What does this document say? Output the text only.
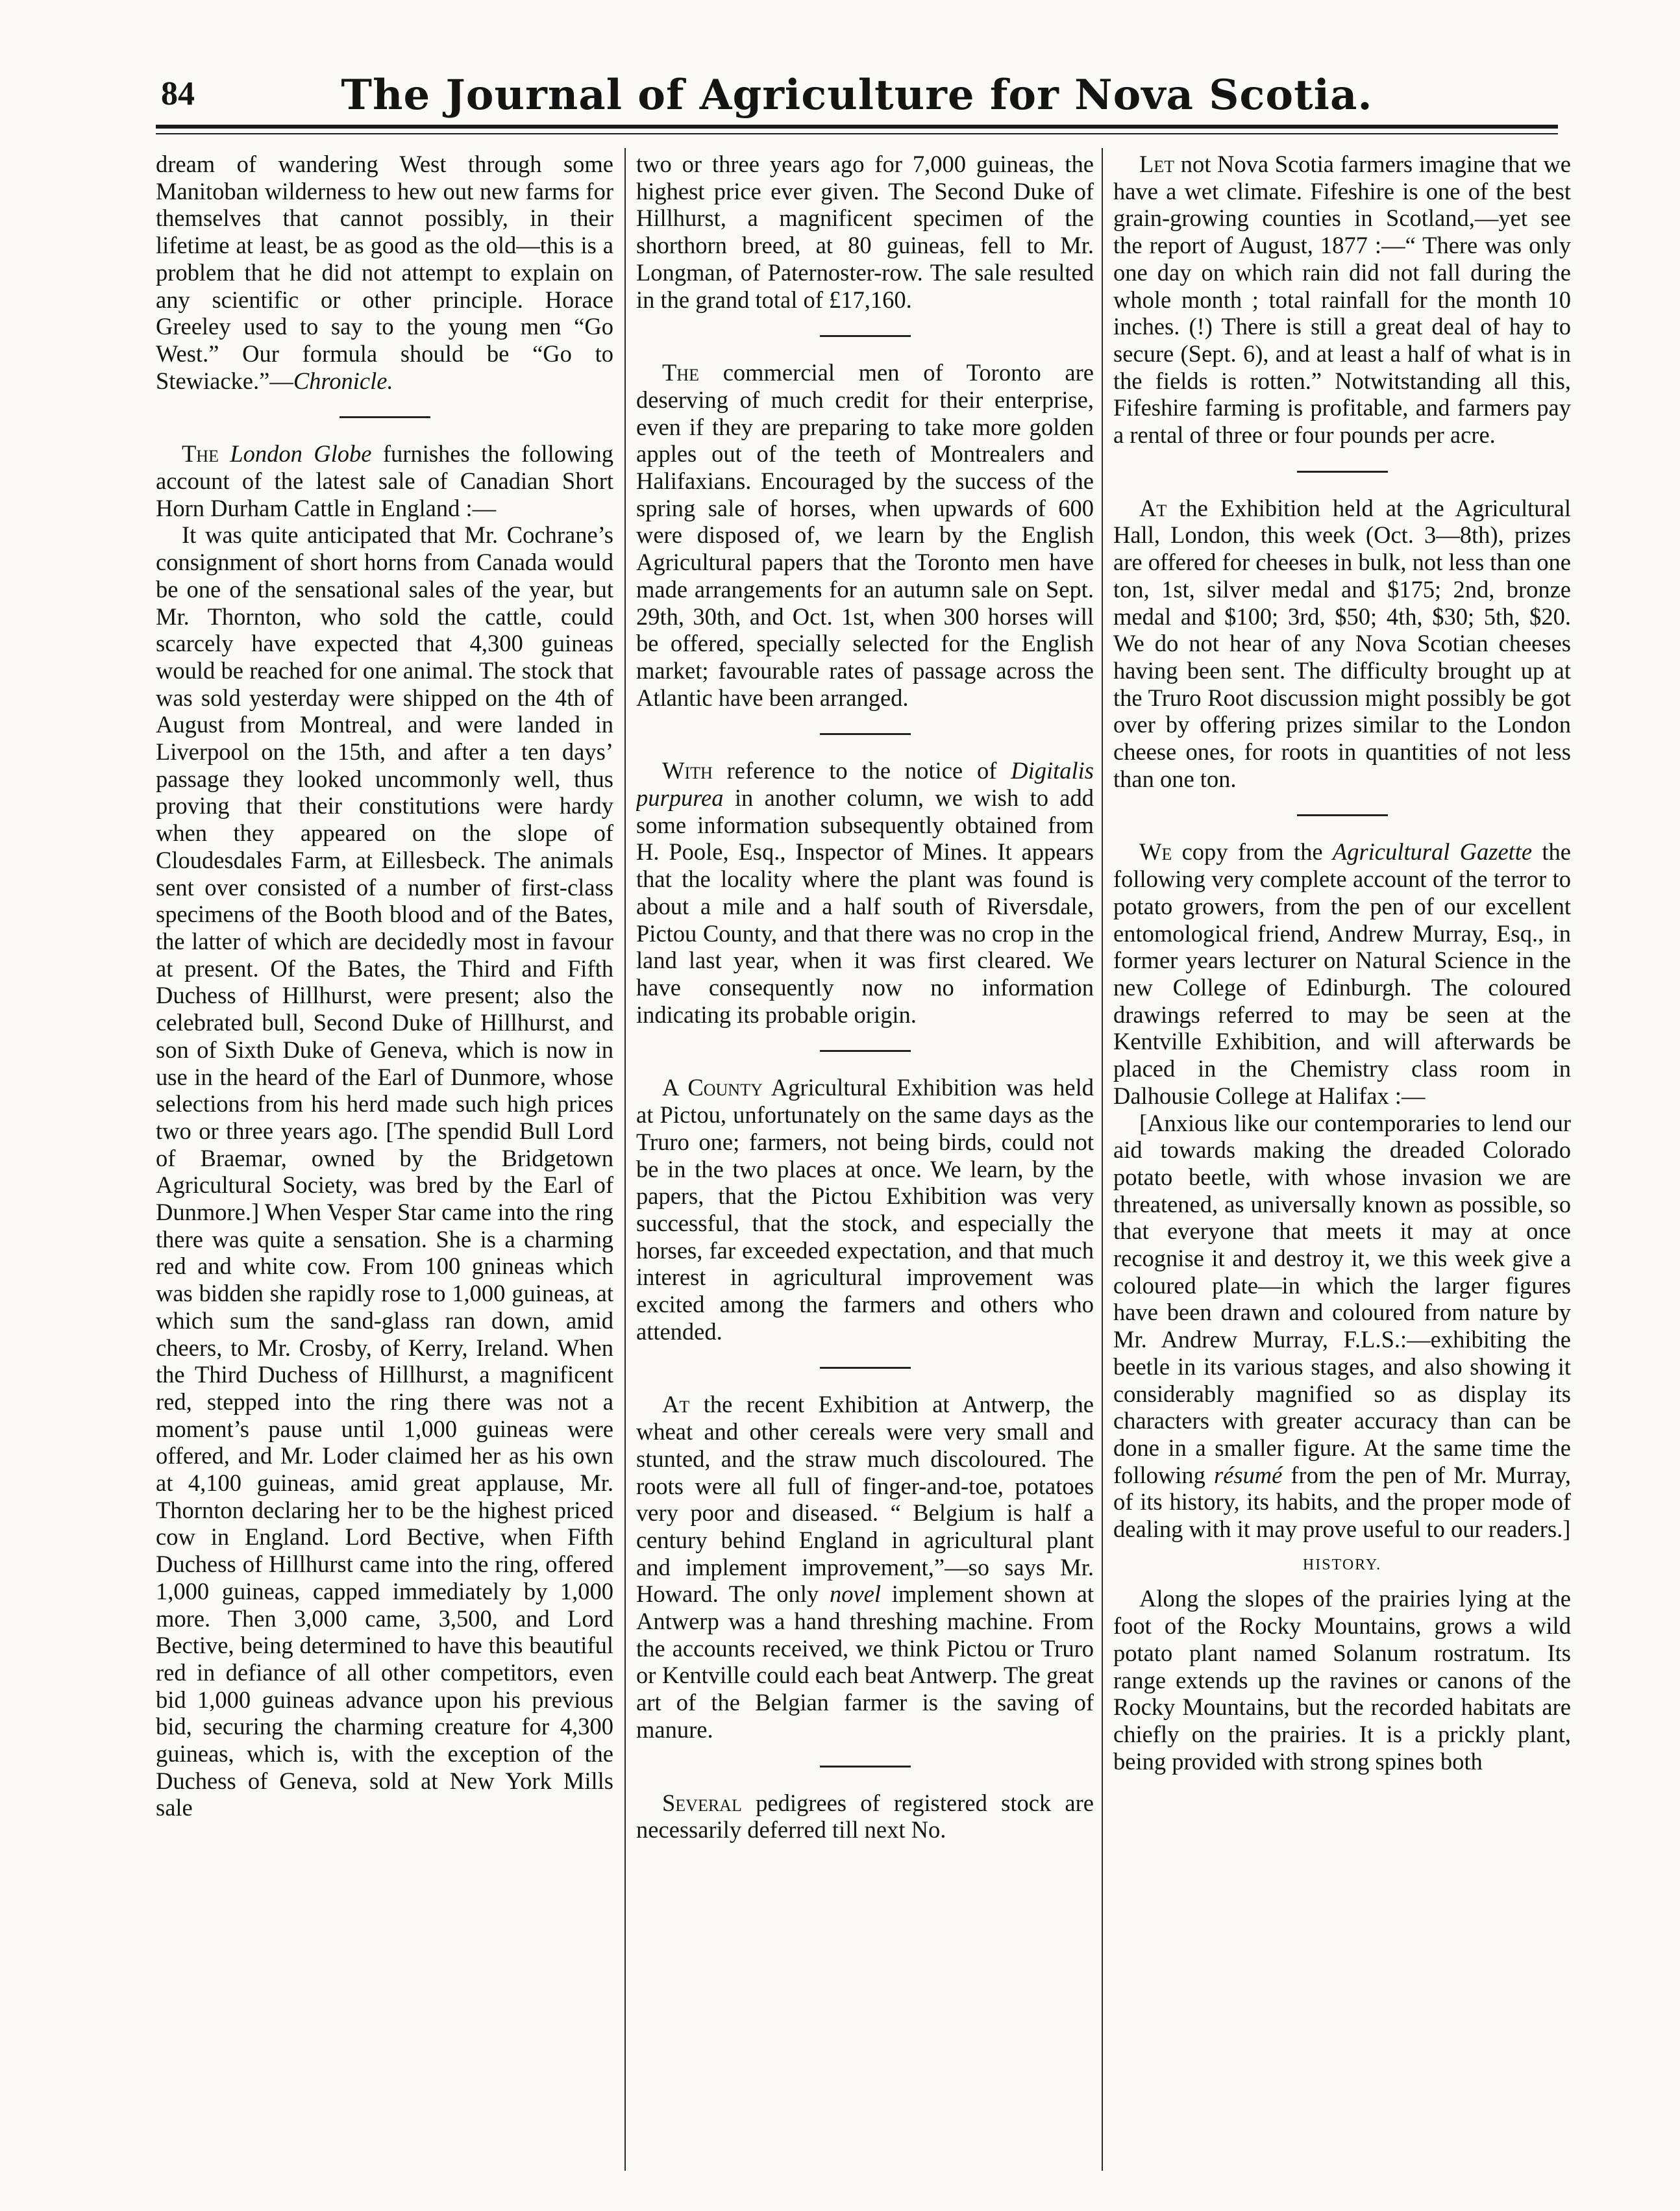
84	The Journal of Agriculture for Nova Scotia.

dream of wandering West through some Manitoban wilderness to hew out new farms for themselves that cannot possibly, in their lifetime at least, be as good as the old—this is a problem that he did not attempt to explain on any scientific or other principle. Horace Greeley used to say to the young men “Go West.” Our formula should be “Go to Stewiacke.”—Chronicle.

The London Globe furnishes the following account of the latest sale of Canadian Short Horn Durham Cattle in England :—

It was quite anticipated that Mr. Cochrane’s consignment of short horns from Canada would be one of the sensational sales of the year, but Mr. Thornton, who sold the cattle, could scarcely have expected that 4,300 guineas would be reached for one animal. The stock that was sold yesterday were shipped on the 4th of August from Montreal, and were landed in Liverpool on the 15th, and after a ten days’ passage they looked uncommonly well, thus proving that their constitutions were hardy when they appeared on the slope of Cloudesdales Farm, at Eillesbeck. The animals sent over consisted of a number of first-class specimens of the Booth blood and of the Bates, the latter of which are decidedly most in favour at present. Of the Bates, the Third and Fifth Duchess of Hillhurst, were present; also the celebrated bull, Second Duke of Hillhurst, and son of Sixth Duke of Geneva, which is now in use in the heard of the Earl of Dunmore, whose selections from his herd made such high prices two or three years ago. [The spendid Bull Lord of Braemar, owned by the Bridgetown Agricultural Society, was bred by the Earl of Dunmore.] When Vesper Star came into the ring there was quite a sensation. She is a charming red and white cow. From 100 gnineas which was bidden she rapidly rose to 1,000 guineas, at which sum the sand-glass ran down, amid cheers, to Mr. Crosby, of Kerry, Ireland. When the Third Duchess of Hillhurst, a magnificent red, stepped into the ring there was not a moment’s pause until 1,000 guineas were offered, and Mr. Loder claimed her as his own at 4,100 guineas, amid great applause, Mr. Thornton declaring her to be the highest priced cow in England. Lord Bective, when Fifth Duchess of Hillhurst came into the ring, offered 1,000 guineas, capped immediately by 1,000 more. Then 3,000 came, 3,500, and Lord Bective, being determined to have this beautiful red in defiance of all other competitors, even bid 1,000 guineas advance upon his previous bid, securing the charming creature for 4,300 guineas, which is, with the exception of the Duchess of Geneva, sold at New York Mills sale

two or three years ago for 7,000 guineas, the highest price ever given. The Second Duke of Hillhurst, a magnificent specimen of the shorthorn breed, at 80 guineas, fell to Mr. Longman, of Paternoster-row. The sale resulted in the grand total of £17,160.

The commercial men of Toronto are deserving of much credit for their enterprise, even if they are preparing to take more golden apples out of the teeth of Montrealers and Halifaxians. Encouraged by the success of the spring sale of horses, when upwards of 600 were disposed of, we learn by the English Agricultural papers that the Toronto men have made arrangements for an autumn sale on Sept. 29th, 30th, and Oct. 1st, when 300 horses will be offered, specially selected for the English market; favourable rates of passage across the Atlantic have been arranged.

With reference to the notice of Digitalis purpurea in another column, we wish to add some information subsequently obtained from H. Poole, Esq., Inspector of Mines. It appears that the locality where the plant was found is about a mile and a half south of Riversdale, Pictou County, and that there was no crop in the land last year, when it was first cleared. We have consequently now no information indicating its probable origin.

A County Agricultural Exhibition was held at Pictou, unfortunately on the same days as the Truro one; farmers, not being birds, could not be in the two places at once. We learn, by the papers, that the Pictou Exhibition was very successful, that the stock, and especially the horses, far exceeded expectation, and that much interest in agricultural improvement was excited among the farmers and others who attended.

At the recent Exhibition at Antwerp, the wheat and other cereals were very small and stunted, and the straw much discoloured. The roots were all full of finger-and-toe, potatoes very poor and diseased. “ Belgium is half a century behind England in agricultural plant and implement improvement,”—so says Mr. Howard. The only novel implement shown at Antwerp was a hand threshing machine. From the accounts received, we think Pictou or Truro or Kentville could each beat Antwerp. The great art of the Belgian farmer is the saving of manure.

Several pedigrees of registered stock are necessarily deferred till next No.

Let not Nova Scotia farmers imagine that we have a wet climate. Fifeshire is one of the best grain-growing counties in Scotland,—yet see the report of August, 1877 :—“ There was only one day on which rain did not fall during the whole month ; total rainfall for the month 10 inches. (!) There is still a great deal of hay to secure (Sept. 6), and at least a half of what is in the fields is rotten.” Notwitstanding all this, Fifeshire farming is profitable, and farmers pay a rental of three or four pounds per acre.

At the Exhibition held at the Agricultural Hall, London, this week (Oct. 3—8th), prizes are offered for cheeses in bulk, not less than one ton, 1st, silver medal and $175; 2nd, bronze medal and $100; 3rd, $50; 4th, $30; 5th, $20. We do not hear of any Nova Scotian cheeses having been sent. The difficulty brought up at the Truro Root discussion might possibly be got over by offering prizes similar to the London cheese ones, for roots in quantities of not less than one ton.

We copy from the Agricultural Gazette the following very complete account of the terror to potato growers, from the pen of our excellent entomological friend, Andrew Murray, Esq., in former years lecturer on Natural Science in the new College of Edinburgh. The coloured drawings referred to may be seen at the Kentville Exhibition, and will afterwards be placed in the Chemistry class room in Dalhousie College at Halifax :—

[Anxious like our contemporaries to lend our aid towards making the dreaded Colorado potato beetle, with whose invasion we are threatened, as universally known as possible, so that everyone that meets it may at once recognise it and destroy it, we this week give a coloured plate—in which the larger figures have been drawn and coloured from nature by Mr. Andrew Murray, F.L.S.:—exhibiting the beetle in its various stages, and also showing it considerably magnified so as display its characters with greater accuracy than can be done in a smaller figure. At the same time the following résumé from the pen of Mr. Murray, of its history, its habits, and the proper mode of dealing with it may prove useful to our readers.]

HISTORY.

Along the slopes of the prairies lying at the foot of the Rocky Mountains, grows a wild potato plant named Solanum rostratum. Its range extends up the ravines or canons of the Rocky Mountains, but the recorded habitats are chiefly on the prairies. It is a prickly plant, being provided with strong spines both
